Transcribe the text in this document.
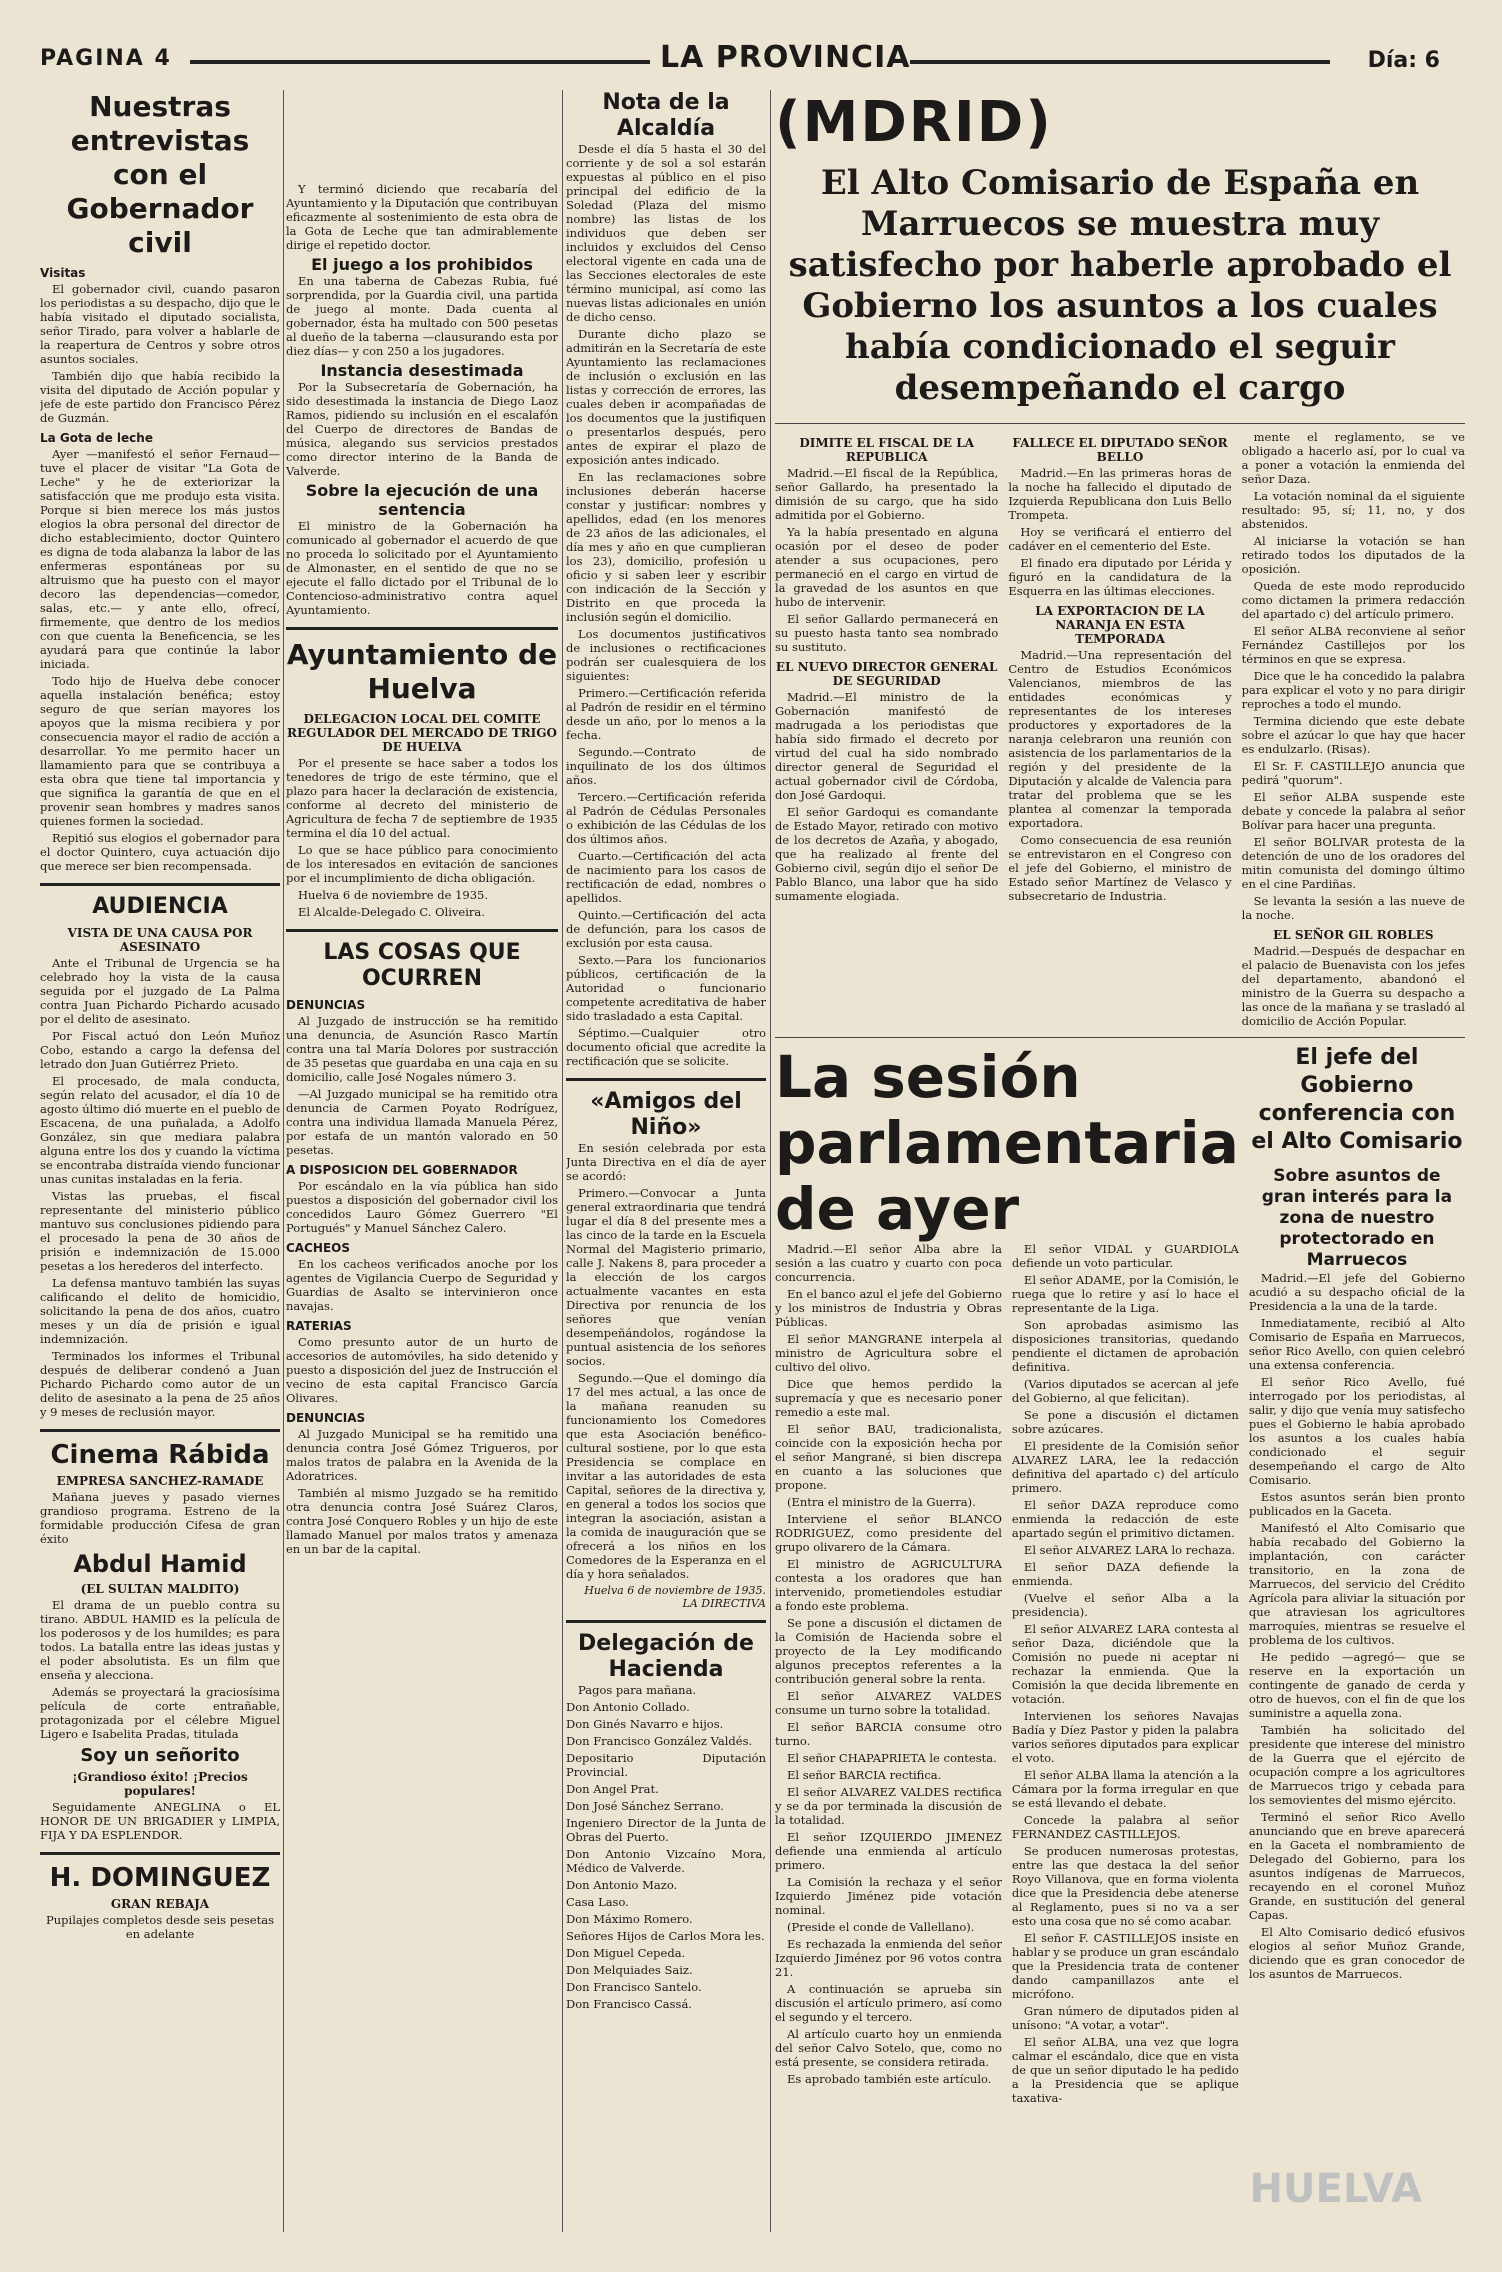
PAGINA 4	LA PROVINCIA	Día: 6
Nuestras entrevistas con el Gobernador civil
Visitas

El gobernador civil, cuando pasaron los periodistas a su despacho, dijo que le había visitado el diputado socialista, señor Tirado, para volver a hablarle de la reapertura de Centros y sobre otros asuntos sociales.

También dijo que había recibido la visita del diputado de Acción popular y jefe de este partido don Francisco Pérez de Guzmán.

La Gota de leche

Ayer —manifestó el señor Fernaud— tuve el placer de visitar "La Gota de Leche" y he de exteriorizar la satisfacción que me produjo esta visita. Porque si bien merece los más justos elogios la obra personal del director de dicho establecimiento, doctor Quintero es digna de toda alabanza la labor de las enfermeras espontáneas por su altruismo que ha puesto con el mayor decoro las dependencias—comedor, salas, etc.— y ante ello, ofrecí, firmemente, que dentro de los medios con que cuenta la Beneficencia, se les ayudará para que continúe la labor iniciada.

Todo hijo de Huelva debe conocer aquella instalación benéfica; estoy seguro de que serían mayores los apoyos que la misma recibiera y por consecuencia mayor el radio de acción a desarrollar. Yo me permito hacer un llamamiento para que se contribuya a esta obra que tiene tal importancia y que significa la garantía de que en el provenir sean hombres y madres sanos quienes formen la sociedad.

Repitió sus elogios el gobernador para el doctor Quintero, cuya actuación dijo que merece ser bien recompensada.

AUDIENCIA
VISTA DE UNA CAUSA POR ASESINATO

Ante el Tribunal de Urgencia se ha celebrado hoy la vista de la causa seguida por el juzgado de La Palma contra Juan Pichardo Pichardo acusado por el delito de asesinato.

Por Fiscal actuó don León Muñoz Cobo, estando a cargo la defensa del letrado don Juan Gutiérrez Prieto.

El procesado, de mala conducta, según relato del acusador, el día 10 de agosto último dió muerte en el pueblo de Escacena, de una puñalada, a Adolfo González, sin que mediara palabra alguna entre los dos y cuando la víctima se encontraba distraída viendo funcionar unas cunitas instaladas en la feria.

Vistas las pruebas, el fiscal representante del ministerio público mantuvo sus conclusiones pidiendo para el procesado la pena de 30 años de prisión e indemnización de 15.000 pesetas a los herederos del interfecto.

La defensa mantuvo también las suyas calificando el delito de homicidio, solicitando la pena de dos años, cuatro meses y un día de prisión e igual indemnización.

Terminados los informes el Tribunal después de deliberar condenó a Juan Pichardo Pichardo como autor de un delito de asesinato a la pena de 25 años y 9 meses de reclusión mayor.

Cinema Rábida
EMPRESA SANCHEZ-RAMADE

Mañana jueves y pasado viernes grandioso programa. Estreno de la formidable producción Cifesa de gran éxito

Abdul Hamid
(EL SULTAN MALDITO)

El drama de un pueblo contra su tirano. ABDUL HAMID es la película de los poderosos y de los humildes; es para todos. La batalla entre las ideas justas y el poder absolutista. Es un film que enseña y alecciona.

Además se proyectará la graciosísima película de corte entrañable, protagonizada por el célebre Miguel Ligero e Isabelita Pradas, titulada

Soy un señorito
¡Grandioso éxito! ¡Precios populares!

Seguidamente ANEGLINA o EL HONOR DE UN BRIGADIER y LIMPIA, FIJA Y DA ESPLENDOR.

H. DOMINGUEZ
GRAN REBAJA

Pupilajes completos desde seis pesetas en adelante

Y terminó diciendo que recabaría del Ayuntamiento y la Diputación que contribuyan eficazmente al sostenimiento de esta obra de la Gota de Leche que tan admirablemente dirige el repetido doctor.

El juego a los prohibidos

En una taberna de Cabezas Rubia, fué sorprendida, por la Guardia civil, una partida de juego al monte. Dada cuenta al gobernador, ésta ha multado con 500 pesetas al dueño de la taberna —clausurando esta por diez días— y con 250 a los jugadores.

Instancia desestimada

Por la Subsecretaría de Gobernación, ha sido desestimada la instancia de Diego Laoz Ramos, pidiendo su inclusión en el escalafón del Cuerpo de directores de Bandas de música, alegando sus servicios prestados como director interino de la Banda de Valverde.

Sobre la ejecución de una sentencia

El ministro de la Gobernación ha comunicado al gobernador el acuerdo de que no proceda lo solicitado por el Ayuntamiento de Almonaster, en el sentido de que no se ejecute el fallo dictado por el Tribunal de lo Contencioso-administrativo contra aquel Ayuntamiento.

Ayuntamiento de Huelva
DELEGACION LOCAL DEL COMITE REGULADOR DEL MERCADO DE TRIGO DE HUELVA

Por el presente se hace saber a todos los tenedores de trigo de este término, que el plazo para hacer la declaración de existencia, conforme al decreto del ministerio de Agricultura de fecha 7 de septiembre de 1935 termina el día 10 del actual.

Lo que se hace público para conocimiento de los interesados en evitación de sanciones por el incumplimiento de dicha obligación.

Huelva 6 de noviembre de 1935.

El Alcalde-Delegado C. Oliveira.

LAS COSAS QUE OCURREN
DENUNCIAS

Al Juzgado de instrucción se ha remitido una denuncia, de Asunción Rasco Martín contra una tal María Dolores por sustracción de 35 pesetas que guardaba en una caja en su domicilio, calle José Nogales número 3.

—Al Juzgado municipal se ha remitido otra denuncia de Carmen Poyato Rodríguez, contra una individua llamada Manuela Pérez, por estafa de un mantón valorado en 50 pesetas.

A DISPOSICION DEL GOBERNADOR

Por escándalo en la vía pública han sido puestos a disposición del gobernador civil los concedidos Lauro Gómez Guerrero "El Portugués" y Manuel Sánchez Calero.

CACHEOS

En los cacheos verificados anoche por los agentes de Vigilancia Cuerpo de Seguridad y Guardias de Asalto se intervinieron once navajas.

RATERIAS

Como presunto autor de un hurto de accesorios de automóviles, ha sido detenido y puesto a disposición del juez de Instrucción el vecino de esta capital Francisco García Olivares.

DENUNCIAS

Al Juzgado Municipal se ha remitido una denuncia contra José Gómez Trigueros, por malos tratos de palabra en la Avenida de la Adoratrices.

También al mismo Juzgado se ha remitido otra denuncia contra José Suárez Claros, contra José Conquero Robles y un hijo de este llamado Manuel por malos tratos y amenaza en un bar de la capital.

Nota de la Alcaldía

Desde el día 5 hasta el 30 del corriente y de sol a sol estarán expuestas al público en el piso principal del edificio de la Soledad (Plaza del mismo nombre) las listas de los individuos que deben ser incluidos y excluidos del Censo electoral vigente en cada una de las Secciones electorales de este término municipal, así como las nuevas listas adicionales en unión de dicho censo.

Durante dicho plazo se admitirán en la Secretaría de este Ayuntamiento las reclamaciones de inclusión o exclusión en las listas y corrección de errores, las cuales deben ir acompañadas de los documentos que la justifiquen o presentarlos después, pero antes de expirar el plazo de exposición antes indicado.

En las reclamaciones sobre inclusiones deberán hacerse constar y justificar: nombres y apellidos, edad (en los menores de 23 años de las adicionales, el día mes y año en que cumplieran los 23), domicilio, profesión u oficio y si saben leer y escribir con indicación de la Sección y Distrito en que proceda la inclusión según el domicilio.

Los documentos justificativos de inclusiones o rectificaciones podrán ser cualesquiera de los siguientes:

Primero.—Certificación referida al Padrón de residir en el término desde un año, por lo menos a la fecha.

Segundo.—Contrato de inquilinato de los dos últimos años.

Tercero.—Certificación referida al Padrón de Cédulas Personales o exhibición de las Cédulas de los dos últimos años.

Cuarto.—Certificación del acta de nacimiento para los casos de rectificación de edad, nombres o apellidos.

Quinto.—Certificación del acta de defunción, para los casos de exclusión por esta causa.

Sexto.—Para los funcionarios públicos, certificación de la Autoridad o funcionario competente acreditativa de haber sido trasladado a esta Capital.

Séptimo.—Cualquier otro documento oficial que acredite la rectificación que se solicite.

«Amigos del Niño»

En sesión celebrada por esta Junta Directiva en el día de ayer se acordó:

Primero.—Convocar a Junta general extraordinaria que tendrá lugar el día 8 del presente mes a las cinco de la tarde en la Escuela Normal del Magisterio primario, calle J. Nakens 8, para proceder a la elección de los cargos actualmente vacantes en esta Directiva por renuncia de los señores que venían desempeñándolos, rogándose la puntual asistencia de los señores socios.

Segundo.—Que el domingo día 17 del mes actual, a las once de la mañana reanuden su funcionamiento los Comedores que esta Asociación benéfico-cultural sostiene, por lo que esta Presidencia se complace en invitar a las autoridades de esta Capital, señores de la directiva y, en general a todos los socios que integran la asociación, asistan a la comida de inauguración que se ofrecerá a los niños en los Comedores de la Esperanza en el día y hora señalados.

Huelva 6 de noviembre de 1935. LA DIRECTIVA
Delegación de Hacienda

Pagos para mañana.

Don Antonio Collado.

Don Ginés Navarro e hijos.

Don Francisco González Valdés.

Depositario Diputación Provincial.

Don Angel Prat.

Don José Sánchez Serrano.

Ingeniero Director de la Junta de Obras del Puerto.

Don Antonio Vizcaíno Mora, Médico de Valverde.

Don Antonio Mazo.

Casa Laso.

Don Máximo Romero.

Señores Hijos de Carlos Mora les.

Don Miguel Cepeda.

Don Melquiades Saiz.

Don Francisco Santelo.

Don Francisco Cassá.

(MDRID)
El Alto Comisario de España en Marruecos se muestra muy satisfecho por haberle aprobado el Gobierno los asuntos a los cuales había condicionado el seguir desempeñando el cargo
DIMITE EL FISCAL DE LA REPUBLICA

Madrid.—El fiscal de la República, señor Gallardo, ha presentado la dimisión de su cargo, que ha sido admitida por el Gobierno.

Ya la había presentado en alguna ocasión por el deseo de poder atender a sus ocupaciones, pero permaneció en el cargo en virtud de la gravedad de los asuntos en que hubo de intervenir.

El señor Gallardo permanecerá en su puesto hasta tanto sea nombrado su sustituto.

EL NUEVO DIRECTOR GENERAL DE SEGURIDAD

Madrid.—El ministro de la Gobernación manifestó de madrugada a los periodistas que había sido firmado el decreto por virtud del cual ha sido nombrado director general de Seguridad el actual gobernador civil de Córdoba, don José Gardoqui.

El señor Gardoqui es comandante de Estado Mayor, retirado con motivo de los decretos de Azaña, y abogado, que ha realizado al frente del Gobierno civil, según dijo el señor De Pablo Blanco, una labor que ha sido sumamente elogiada.

FALLECE EL DIPUTADO SEÑOR BELLO

Madrid.—En las primeras horas de la noche ha fallecido el diputado de Izquierda Republicana don Luis Bello Trompeta.

Hoy se verificará el entierro del cadáver en el cementerio del Este.

El finado era diputado por Lérida y figuró en la candidatura de la Esquerra en las últimas elecciones.

LA EXPORTACION DE LA NARANJA EN ESTA TEMPORADA

Madrid.—Una representación del Centro de Estudios Económicos Valencianos, miembros de las entidades económicas y representantes de los intereses productores y exportadores de la naranja celebraron una reunión con asistencia de los parlamentarios de la región y del presidente de la Diputación y alcalde de Valencia para tratar del problema que se les plantea al comenzar la temporada exportadora.

Como consecuencia de esa reunión se entrevistaron en el Congreso con el jefe del Gobierno, el ministro de Estado señor Martínez de Velasco y subsecretario de Industria.

mente el reglamento, se ve obligado a hacerlo así, por lo cual va a poner a votación la enmienda del señor Daza.

La votación nominal da el siguiente resultado: 95, sí; 11, no, y dos abstenidos.

Al iniciarse la votación se han retirado todos los diputados de la oposición.

Queda de este modo reproducido como dictamen la primera redacción del apartado c) del artículo primero.

El señor ALBA reconviene al señor Fernández Castillejos por los términos en que se expresa.

Dice que le ha concedido la palabra para explicar el voto y no para dirigir reproches a todo el mundo.

Termina diciendo que este debate sobre el azúcar lo que hay que hacer es endulzarlo. (Risas).

El Sr. F. CASTILLEJO anuncia que pedirá "quorum".

El señor ALBA suspende este debate y concede la palabra al señor Bolívar para hacer una pregunta.

El señor BOLIVAR protesta de la detención de uno de los oradores del mitin comunista del domingo último en el cine Pardiñas.

Se levanta la sesión a las nueve de la noche.

EL SEÑOR GIL ROBLES

Madrid.—Después de despachar en el palacio de Buenavista con los jefes del departamento, abandonó el ministro de la Guerra su despacho a las once de la mañana y se trasladó al domicilio de Acción Popular.

La sesión parlamentaria de ayer

Madrid.—El señor Alba abre la sesión a las cuatro y cuarto con poca concurrencia.

En el banco azul el jefe del Gobierno y los ministros de Industria y Obras Públicas.

El señor MANGRANE interpela al ministro de Agricultura sobre el cultivo del olivo.

Dice que hemos perdido la supremacía y que es necesario poner remedio a este mal.

El señor BAU, tradicionalista, coincide con la exposición hecha por el señor Mangrané, si bien discrepa en cuanto a las soluciones que propone.

(Entra el ministro de la Guerra).

Interviene el señor BLANCO RODRIGUEZ, como presidente del grupo olivarero de la Cámara.

El ministro de AGRICULTURA contesta a los oradores que han intervenido, prometiendoles estudiar a fondo este problema.

Se pone a discusión el dictamen de la Comisión de Hacienda sobre el proyecto de la Ley modificando algunos preceptos referentes a la contribución general sobre la renta.

El señor ALVAREZ VALDES consume un turno sobre la totalidad.

El señor BARCIA consume otro turno.

El señor CHAPAPRIETA le contesta.

El señor BARCIA rectifica.

El señor ALVAREZ VALDES rectifica y se da por terminada la discusión de la totalidad.

El señor IZQUIERDO JIMENEZ defiende una enmienda al artículo primero.

La Comisión la rechaza y el señor Izquierdo Jiménez pide votación nominal.

(Preside el conde de Vallellano).

Es rechazada la enmienda del señor Izquierdo Jiménez por 96 votos contra 21.

A continuación se aprueba sin discusión el artículo primero, así como el segundo y el tercero.

Al artículo cuarto hoy un enmienda del señor Calvo Sotelo, que, como no está presente, se considera retirada.

Es aprobado también este artículo.

El señor VIDAL y GUARDIOLA defiende un voto particular.

El señor ADAME, por la Comisión, le ruega que lo retire y así lo hace el representante de la Liga.

Son aprobadas asimismo las disposiciones transitorias, quedando pendiente el dictamen de aprobación definitiva.

(Varios diputados se acercan al jefe del Gobierno, al que felicitan).

Se pone a discusión el dictamen sobre azúcares.

El presidente de la Comisión señor ALVAREZ LARA, lee la redacción definitiva del apartado c) del artículo primero.

El señor DAZA reproduce como enmienda la redacción de este apartado según el primitivo dictamen.

El señor ALVAREZ LARA lo rechaza.

El señor DAZA defiende la enmienda.

(Vuelve el señor Alba a la presidencia).

El señor ALVAREZ LARA contesta al señor Daza, diciéndole que la Comisión no puede ni aceptar ni rechazar la enmienda. Que la Comisión la que decida libremente en votación.

Intervienen los señores Navajas Badía y Díez Pastor y piden la palabra varios señores diputados para explicar el voto.

El señor ALBA llama la atención a la Cámara por la forma irregular en que se está llevando el debate.

Concede la palabra al señor FERNANDEZ CASTILLEJOS.

Se producen numerosas protestas, entre las que destaca la del señor Royo Villanova, que en forma violenta dice que la Presidencia debe atenerse al Reglamento, pues si no va a ser esto una cosa que no sé como acabar.

El señor F. CASTILLEJOS insiste en hablar y se produce un gran escándalo que la Presidencia trata de contener dando campanillazos ante el micrófono.

Gran número de diputados piden al unísono: "A votar, a votar".

El señor ALBA, una vez que logra calmar el escándalo, dice que en vista de que un señor diputado le ha pedido a la Presidencia que se aplique taxativa-

El jefe del Gobierno conferencia con el Alto Comisario
Sobre asuntos de gran interés para la zona de nuestro protectorado en Marruecos

Madrid.—El jefe del Gobierno acudió a su despacho oficial de la Presidencia a la una de la tarde.

Inmediatamente, recibió al Alto Comisario de España en Marruecos, señor Rico Avello, con quien celebró una extensa conferencia.

El señor Rico Avello, fué interrogado por los periodistas, al salir, y dijo que venía muy satisfecho pues el Gobierno le había aprobado los asuntos a los cuales había condicionado el seguir desempeñando el cargo de Alto Comisario.

Estos asuntos serán bien pronto publicados en la Gaceta.

Manifestó el Alto Comisario que había recabado del Gobierno la implantación, con carácter transitorio, en la zona de Marruecos, del servicio del Crédito Agrícola para aliviar la situación por que atraviesan los agricultores marroquíes, mientras se resuelve el problema de los cultivos.

He pedido —agregó— que se reserve en la exportación un contingente de ganado de cerda y otro de huevos, con el fin de que los suministre a aquella zona.

También ha solicitado del presidente que interese del ministro de la Guerra que el ejército de ocupación compre a los agricultores de Marruecos trigo y cebada para los semovientes del mismo ejército.

Terminó el señor Rico Avello anunciando que en breve aparecerá en la Gaceta el nombramiento de Delegado del Gobierno, para los asuntos indígenas de Marruecos, recayendo en el coronel Muñoz Grande, en sustitución del general Capas.

El Alto Comisario dedicó efusivos elogios al señor Muñoz Grande, diciendo que es gran conocedor de los asuntos de Marruecos.

HUELVA
